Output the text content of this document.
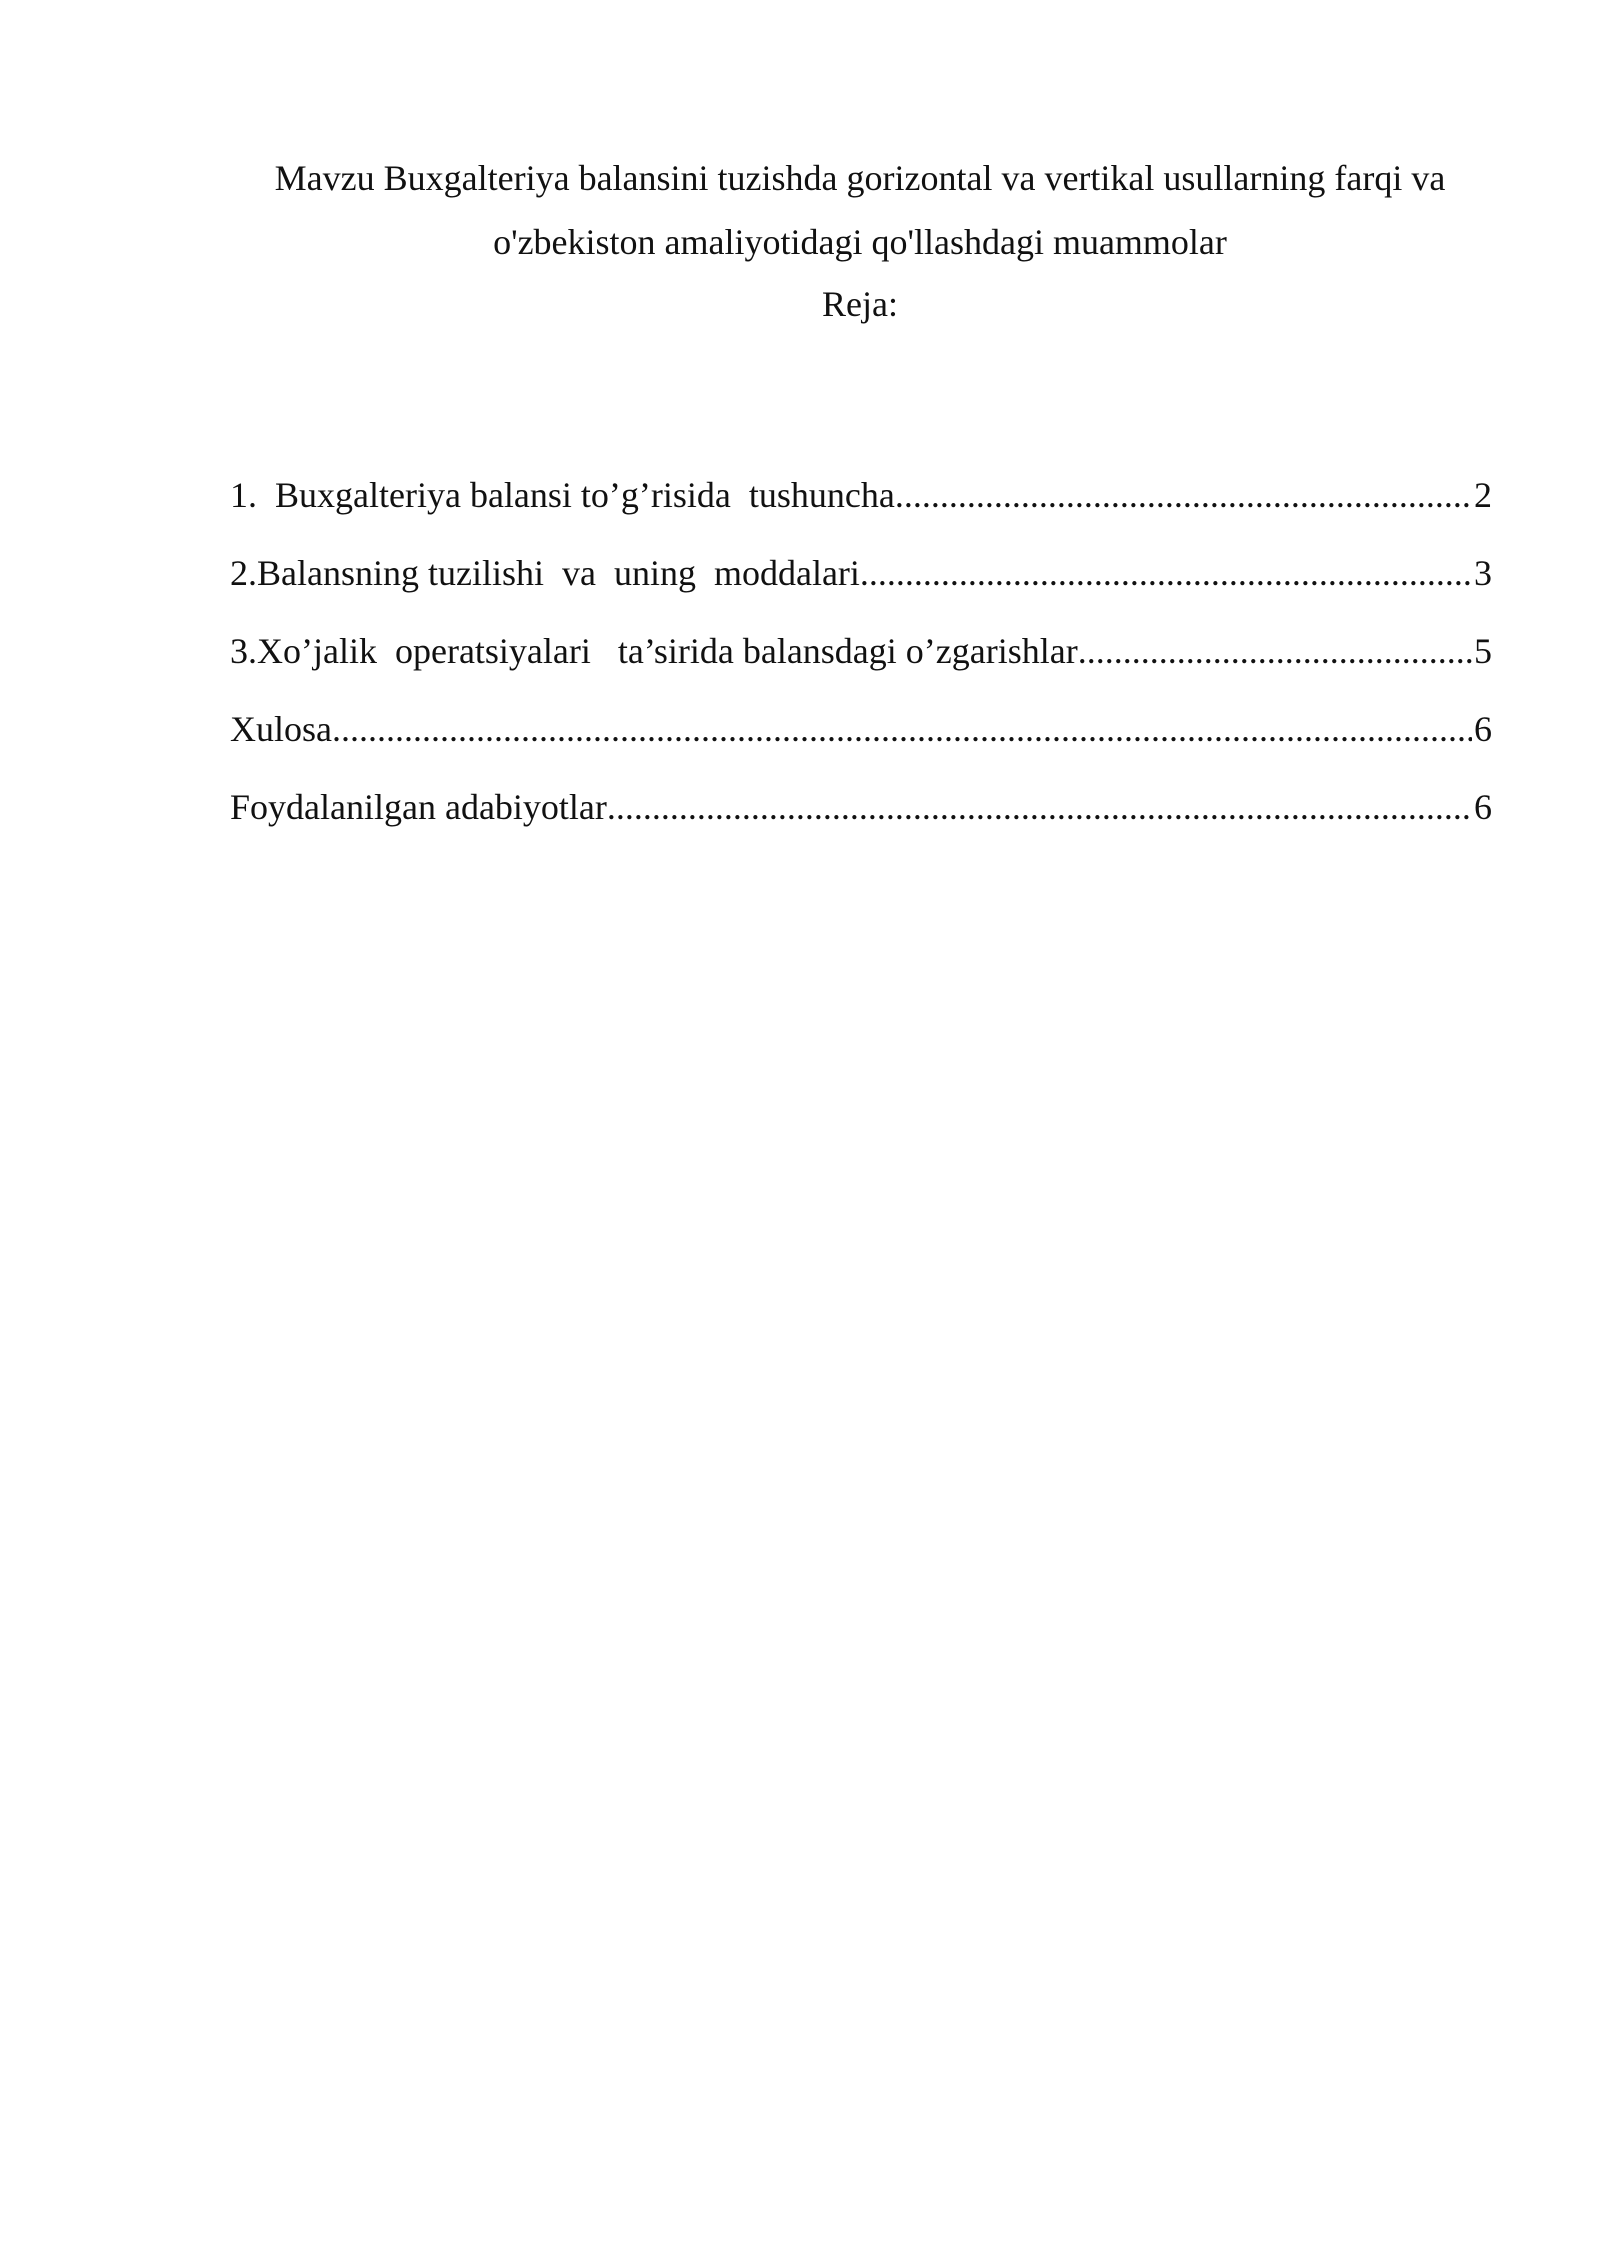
Mavzu Buxgalteriya balansini tuzishda gorizontal va vertikal usullarning farqi va
o'zbekiston amaliyotidagi qo'llashdagi muammolar
Reja:
1.  Buxgalteriya balansi to’g’risida  tushuncha .....	2
2.Balansning tuzilishi  va  uning  moddalari .....	3
3.Xo’jalik  operatsiyalari   ta’sirida balansdagi o’zgarishlar .....	5
Xulosa .....	6
Foydalanilgan adabiyotlar .....	6
